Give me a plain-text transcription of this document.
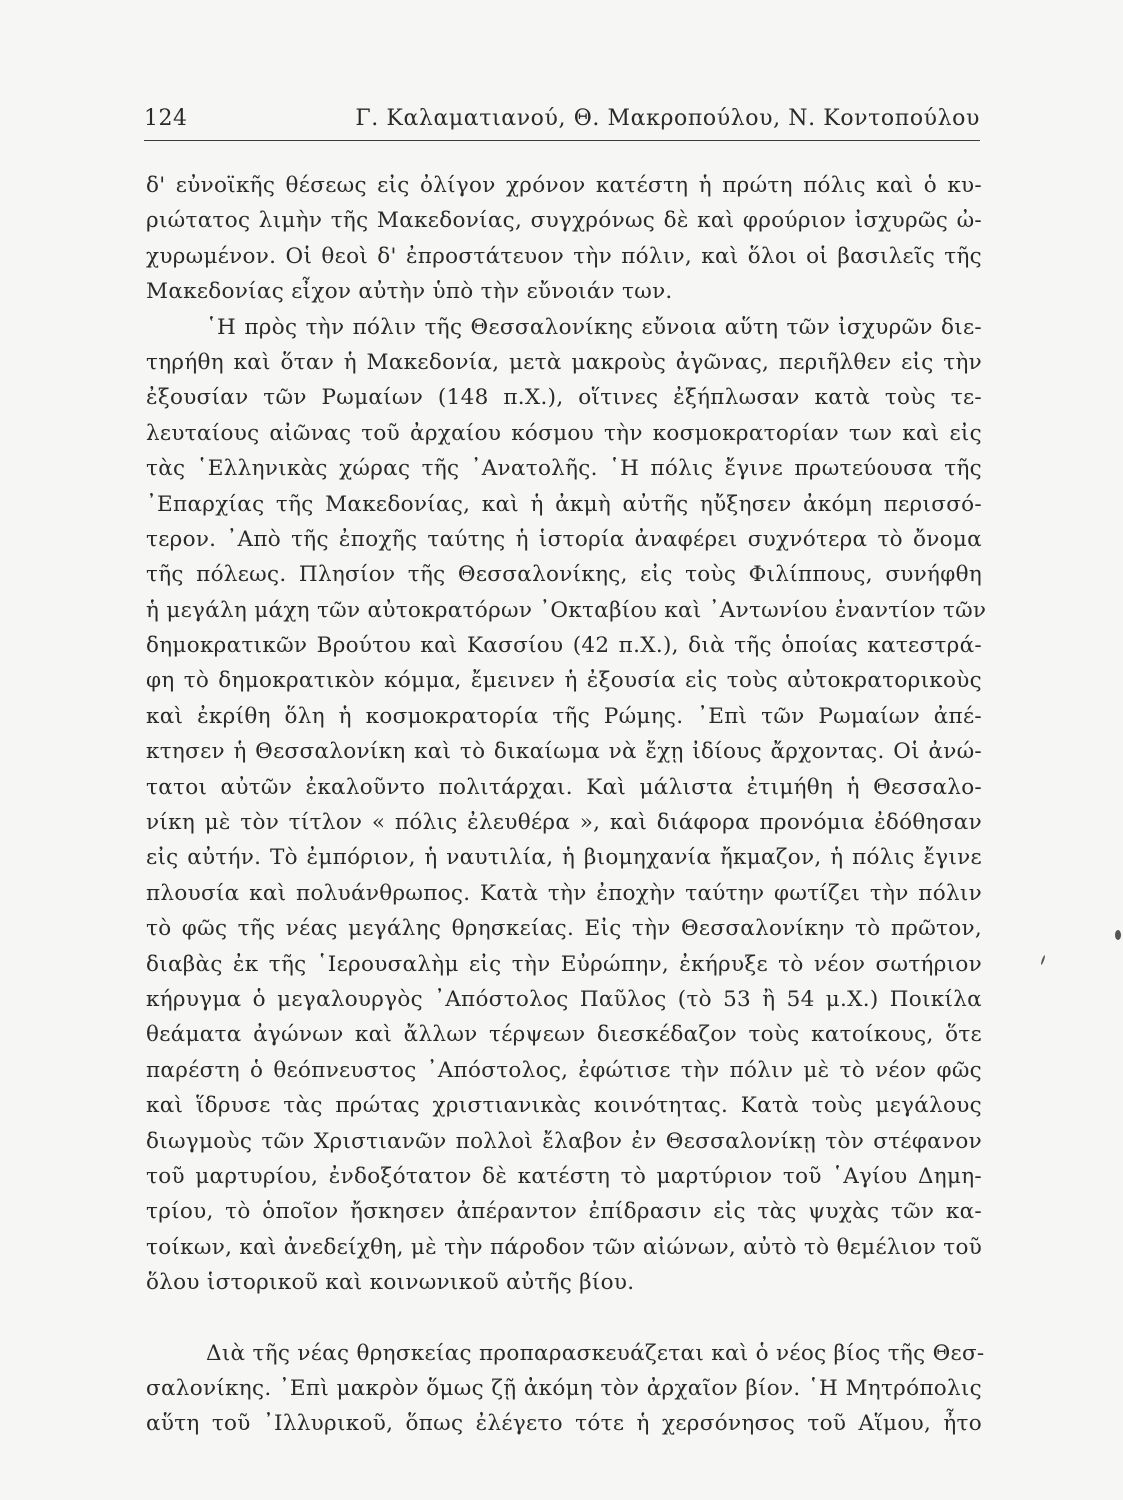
124	Γ. Καλαματιανού, Θ. Μακροπούλου, Ν. Κοντοπούλου
δ' εὐνοϊκῆς θέσεως εἰς ὀλίγον χρόνον κατέστη ἡ πρώτη πόλις καὶ ὁ κυ-
ριώτατος λιμὴν τῆς Μακεδονίας, συγχρόνως δὲ καὶ φρούριον ἰσχυρῶς ὠ-
χυρωμένον. Οἱ θεοὶ δ' ἐπροστάτευον τὴν πόλιν, καὶ ὅλοι οἱ βασιλεῖς τῆς
Μακεδονίας εἶχον αὐτὴν ὑπὸ τὴν εὔνοιάν των.
῾Η πρὸς τὴν πόλιν τῆς Θεσσαλονίκης εὔνοια αὕτη τῶν ἰσχυρῶν διε-
τηρήθη καὶ ὅταν ἡ Μακεδονία, μετὰ μακροὺς ἀγῶνας, περιῆλθεν εἰς τὴν
ἐξουσίαν τῶν Ρωμαίων (148 π.Χ.), οἵτινες ἐξήπλωσαν κατὰ τοὺς τε-
λευταίους αἰῶνας τοῦ ἀρχαίου κόσμου τὴν κοσμοκρατορίαν των καὶ εἰς
τὰς ῾Ελληνικὰς χώρας τῆς ᾿Ανατολῆς. ῾Η πόλις ἔγινε πρωτεύουσα τῆς
᾿Επαρχίας τῆς Μακεδονίας, καὶ ἡ ἀκμὴ αὐτῆς ηὔξησεν ἀκόμη περισσό-
τερον. ᾿Απὸ τῆς ἐποχῆς ταύτης ἡ ἱστορία ἀναφέρει συχνότερα τὸ ὄνομα
τῆς πόλεως. Πλησίον τῆς Θεσσαλονίκης, εἰς τοὺς Φιλίππους, συνήφθη
ἡ μεγάλη μάχη τῶν αὐτοκρατόρων ᾿Οκταβίου καὶ ᾿Αντωνίου ἐναντίον τῶν
δημοκρατικῶν Βρούτου καὶ Κασσίου (42 π.Χ.), διὰ τῆς ὁποίας κατεστρά-
φη τὸ δημοκρατικὸν κόμμα, ἔμεινεν ἡ ἐξουσία εἰς τοὺς αὐτοκρατορικοὺς
καὶ ἐκρίθη ὅλη ἡ κοσμοκρατορία τῆς Ρώμης. ᾿Επὶ τῶν Ρωμαίων ἀπέ-
κτησεν ἡ Θεσσαλονίκη καὶ τὸ δικαίωμα νὰ ἔχῃ ἰδίους ἄρχοντας. Οἱ ἀνώ-
τατοι αὐτῶν ἐκαλοῦντο πολιτάρχαι. Καὶ μάλιστα ἐτιμήθη ἡ Θεσσαλο-
νίκη μὲ τὸν τίτλον « πόλις ἐλευθέρα », καὶ διάφορα προνόμια ἐδόθησαν
εἰς αὐτήν. Τὸ ἐμπόριον, ἡ ναυτιλία, ἡ βιομηχανία ἤκμαζον, ἡ πόλις ἔγινε
πλουσία καὶ πολυάνθρωπος. Κατὰ τὴν ἐποχὴν ταύτην φωτίζει τὴν πόλιν
τὸ φῶς τῆς νέας μεγάλης θρησκείας. Εἰς τὴν Θεσσαλονίκην τὸ πρῶτον,
διαβὰς ἐκ τῆς ῾Ιερουσαλὴμ εἰς τὴν Εὐρώπην, ἐκήρυξε τὸ νέον σωτήριον
κήρυγμα ὁ μεγαλουργὸς ᾿Απόστολος Παῦλος (τὸ 53 ἢ 54 μ.Χ.) Ποικίλα
θεάματα ἀγώνων καὶ ἄλλων τέρψεων διεσκέδαζον τοὺς κατοίκους, ὅτε
παρέστη ὁ θεόπνευστος ᾿Απόστολος, ἐφώτισε τὴν πόλιν μὲ τὸ νέον φῶς
καὶ ἵδρυσε τὰς πρώτας χριστιανικὰς κοινότητας. Κατὰ τοὺς μεγάλους
διωγμοὺς τῶν Χριστιανῶν πολλοὶ ἔλαβον ἐν Θεσσαλονίκῃ τὸν στέφανον
τοῦ μαρτυρίου, ἐνδοξότατον δὲ κατέστη τὸ μαρτύριον τοῦ ῾Αγίου Δημη-
τρίου, τὸ ὁποῖον ἤσκησεν ἀπέραντον ἐπίδρασιν εἰς τὰς ψυχὰς τῶν κα-
τοίκων, καὶ ἀνεδείχθη, μὲ τὴν πάροδον τῶν αἰώνων, αὐτὸ τὸ θεμέλιον τοῦ
ὅλου ἱστορικοῦ καὶ κοινωνικοῦ αὐτῆς βίου.
Διὰ τῆς νέας θρησκείας προπαρασκευάζεται καὶ ὁ νέος βίος τῆς Θεσ-
σαλονίκης. ᾿Επὶ μακρὸν ὅμως ζῇ ἀκόμη τὸν ἀρχαῖον βίον. ῾Η Μητρόπολις
αὕτη τοῦ ᾿Ιλλυρικοῦ, ὅπως ἐλέγετο τότε ἡ χερσόνησος τοῦ Αἵμου, ἦτο
